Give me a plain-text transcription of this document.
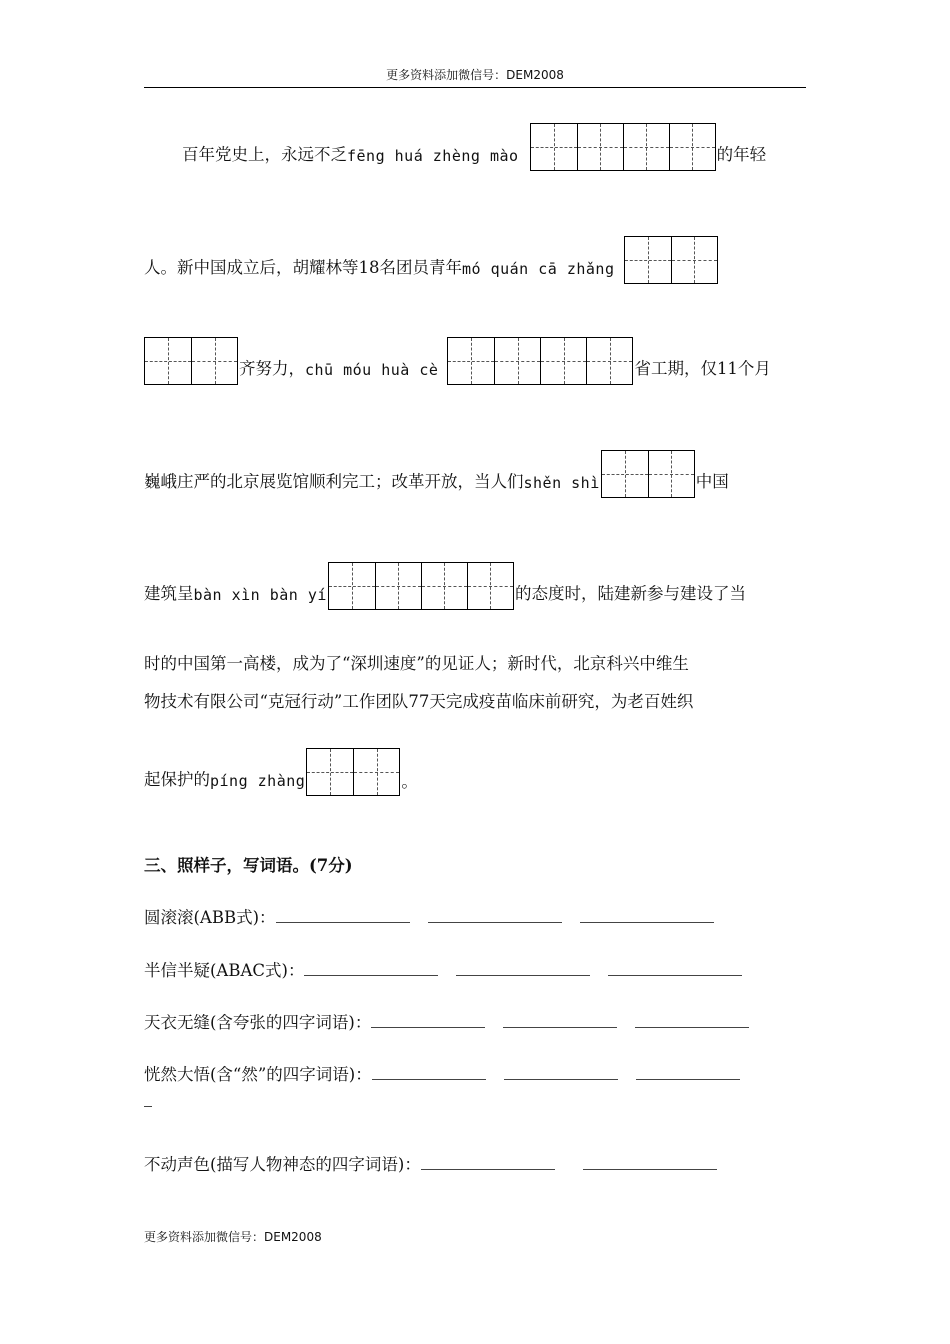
更多资料添加微信号：DEM2008
百年党史上，永远不乏 fēng huá zhèng mào	的年轻
人。新中国成立后，胡耀林等18名团员青年 mó quán cā zhǎng
齐努力， chū móu huà cè	省工期，仅11个月
巍峨庄严的北京展览馆顺利完工；改革开放，当人们 shěn shì	中国
建筑呈 bàn xìn bàn yí	的态度时，陆建新参与建设了当
时的中国第一高楼，成为了“深圳速度”的见证人；新时代，北京科兴中维生
物技术有限公司“克冠行动”工作团队77天完成疫苗临床前研究，为老百姓织
起保护的 píng zhàng	。
三、照样子，写词语。(7分)
圆滚滚(ABB式)：
半信半疑(ABAC式)：
天衣无缝(含夸张的四字词语)：
恍然大悟(含“然”的四字词语)：
不动声色(描写人物神态的四字词语)：
更多资料添加微信号：DEM2008
